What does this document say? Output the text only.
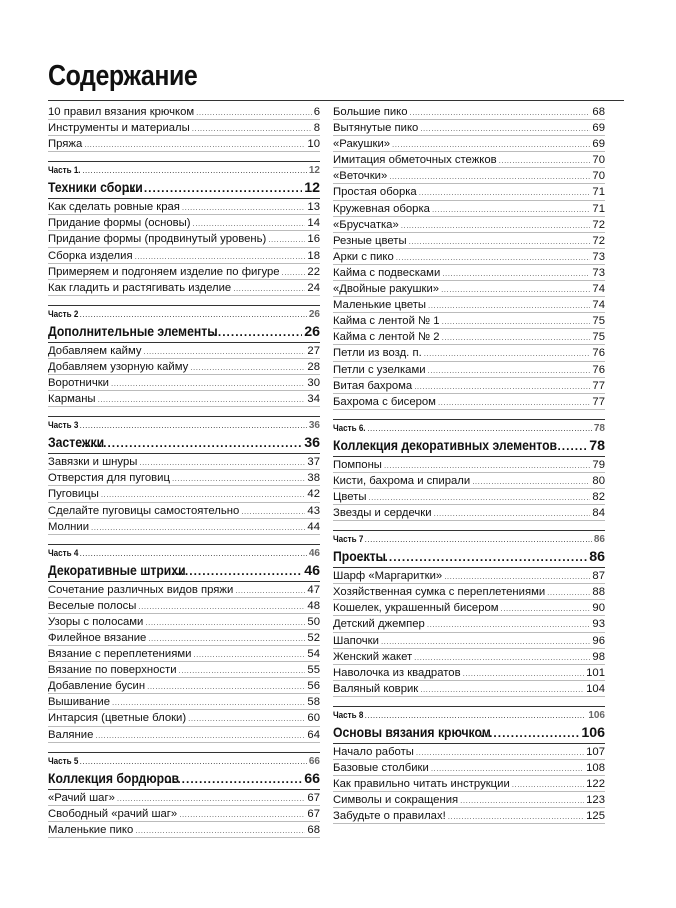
Содержание
10 правил вязания крючком .....	6
Инструменты и материалы .....	8
Пряжа .....	10
Часть 1. .....	12
Техники сборки .....	12
Как сделать ровные края .....	13
Придание формы (основы) .....	14
Придание формы (продвинутый уровень) .....	16
Сборка изделия .....	18
Примеряем и подгоняем изделие по фигуре ..... 22
Как гладить и растягивать изделие .....	24
Часть 2 .....	26
Дополнительные элементы .....	26
Добавляем кайму .....	27
Добавляем узорную кайму .....	28
Воротнички .....	30
Карманы .....	34
Часть 3 .....	36
Застежки .....	36
Завязки и шнуры .....	37
Отверстия для пуговиц .....	38
Пуговицы .....	42
Сделайте пуговицы самостоятельно .....	43
Молнии .....	44
Часть 4 .....	46
Декоративные штрихи .....	46
Сочетание различных видов пряжи .....	47
Веселые полосы .....	48
Узоры с полосами .....	50
Филейное вязание .....	52
Вязание с переплетениями .....	54
Вязание по поверхности .....	55
Добавление бусин .....	56
Вышивание .....	58
Интарсия (цветные блоки) .....	60
Валяние .....	64
Часть 5 .....	66
Коллекция бордюров .....	66
«Рачий шаг» .....	67
Свободный «рачий шаг» .....	67
Маленькие пико .....	68
Большие пико .....	68
Вытянутые пико .....	69
«Ракушки» .....	69
Имитация обметочных стежков .....	70
«Веточки» .....	70
Простая оборка .....	71
Кружевная оборка .....	71
«Брусчатка» .....	72
Резные цветы .....	72
Арки с пико .....	73
Кайма с подвесками .....	73
«Двойные ракушки» .....	74
Маленькие цветы .....	74
Кайма с лентой № 1 .....	75
Кайма с лентой № 2 .....	75
Петли из возд. п. .....	76
Петли с узелками .....	76
Витая бахрома .....	77
Бахрома с бисером .....	77
Часть 6. .....	78
Коллекция декоративных элементов ..... 78
Помпоны .....	79
Кисти, бахрома и спирали .....	80
Цветы .....	82
Звезды и сердечки .....	84
Часть 7 .....	86
Проекты .....	86
Шарф «Маргаритки» .....	87
Хозяйственная сумка с переплетениями .....	88
Кошелек, украшенный бисером .....	90
Детский джемпер .....	93
Шапочки .....	96
Женский жакет .....	98
Наволочка из квадратов .....	101
Валяный коврик .....	104
Часть 8 .....	106
Основы вязания крючком .....	106
Начало работы .....	107
Базовые столбики .....	108
Как правильно читать инструкции .....	122
Символы и сокращения .....	123
Забудьте о правилах! .....	125
